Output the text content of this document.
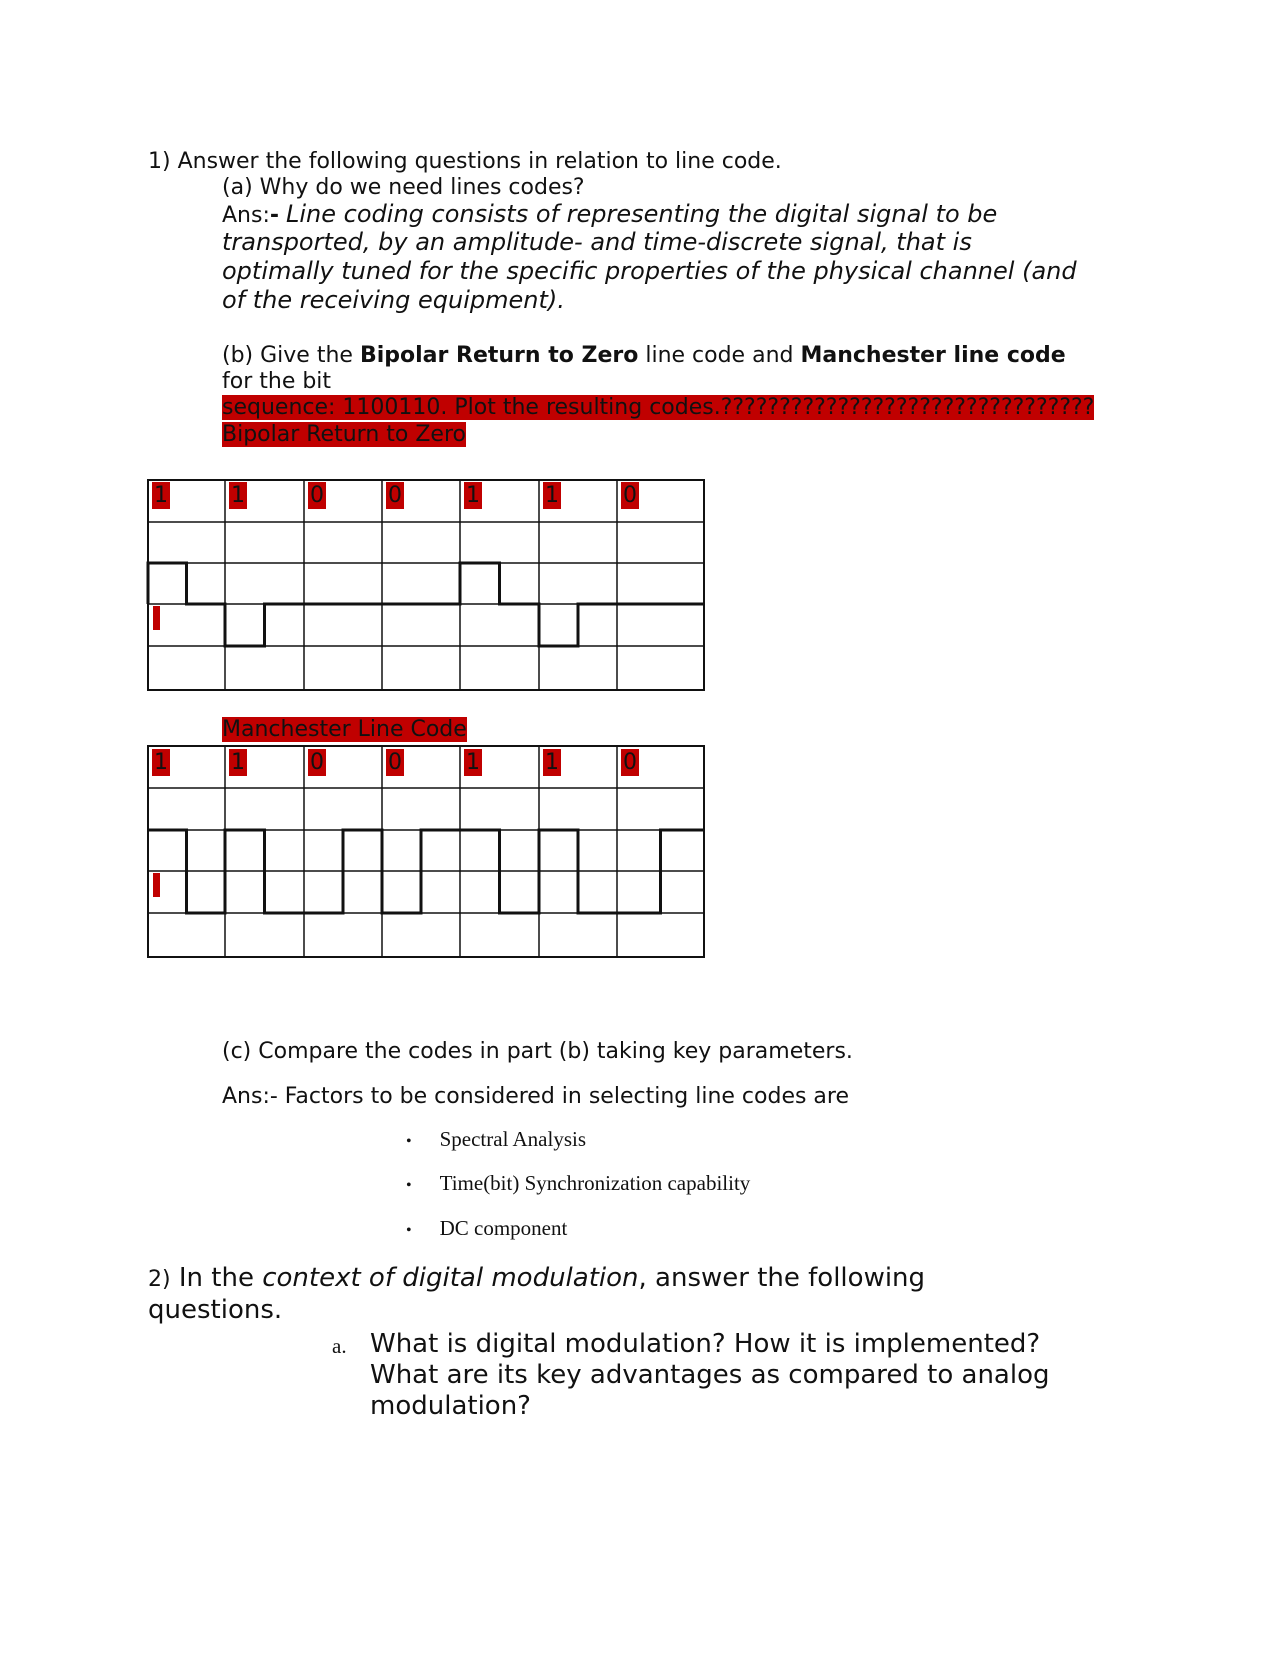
1) Answer the following questions in relation to line code.
(a) Why do we need lines codes?
Ans:- Line coding consists of representing the digital signal to be
transported, by an amplitude- and time-discrete signal, that is
optimally tuned for the specific properties of the physical channel (and
of the receiving equipment).
(b) Give the Bipolar Return to Zero line code and Manchester line code
for the bit
sequence: 1100110. Plot the resulting codes.????????????????????????????????
Bipolar Return to Zero
1	1	0	0	1	1	0
Manchester Line Code
1	1	0	0	1	1	0
(c) Compare the codes in part (b) taking key parameters.
Ans:- Factors to be considered in selecting line codes are
• Spectral Analysis
• Time(bit) Synchronization capability
• DC component
2) In the context of digital modulation, answer the following
questions.
a. What is digital modulation? How it is implemented?
What are its key advantages as compared to analog
modulation?
